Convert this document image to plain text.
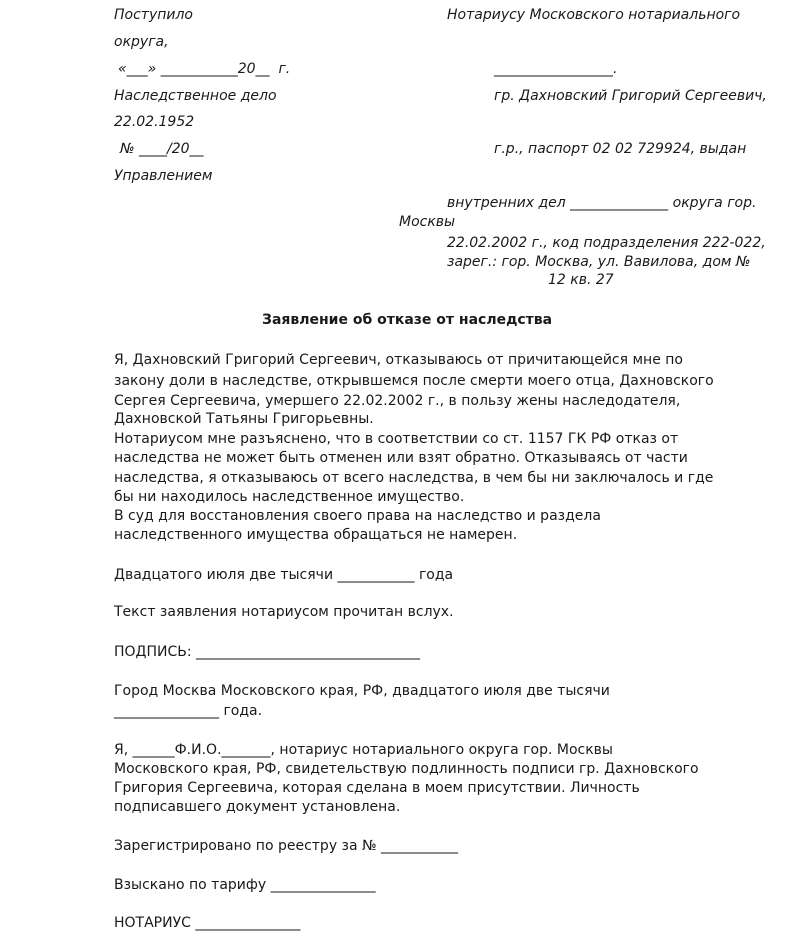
Поступило
округа,
«___» ___________20__  г.
Наследственное дело
22.02.1952
№ ____/20__
Управлением
Нотариусу Московского нотариального
_________________.
гр. Дахновский Григорий Сергеевич,
г.р., паспорт 02 02 729924, выдан
внутренних дел ______________ округа гор.
Москвы
22.02.2002 г., код подразделения 222-022,
зарег.: гор. Москва, ул. Вавилова, дом №
12 кв. 27
Заявление об отказе от наследства
Я, Дахновский Григорий Сергеевич, отказываюсь от причитающейся мне по
закону доли в наследстве, открывшемся после смерти моего отца, Дахновского
Сергея Сергеевича, умершего 22.02.2002 г., в пользу жены наследодателя,
Дахновской Татьяны Григорьевны.
Нотариусом мне разъяснено, что в соответствии со ст. 1157 ГК РФ отказ от
наследства не может быть отменен или взят обратно. Отказываясь от части
наследства, я отказываюсь от всего наследства, в чем бы ни заключалось и где
бы ни находилось наследственное имущество.
В суд для восстановления своего права на наследство и раздела
наследственного имущества обращаться не намерен.
Двадцатого июля две тысячи ___________ года
Текст заявления нотариусом прочитан вслух.
ПОДПИСЬ: ________________________________
Город Москва Московского края, РФ, двадцатого июля две тысячи
_______________ года.
Я, ______Ф.И.О._______, нотариус нотариального округа гор. Москвы
Московского края, РФ, свидетельствую подлинность подписи гр. Дахновского
Григория Сергеевича, которая сделана в моем присутствии. Личность
подписавшего документ установлена.
Зарегистрировано по реестру за № ___________
Взыскано по тарифу _______________
НОТАРИУС _______________
